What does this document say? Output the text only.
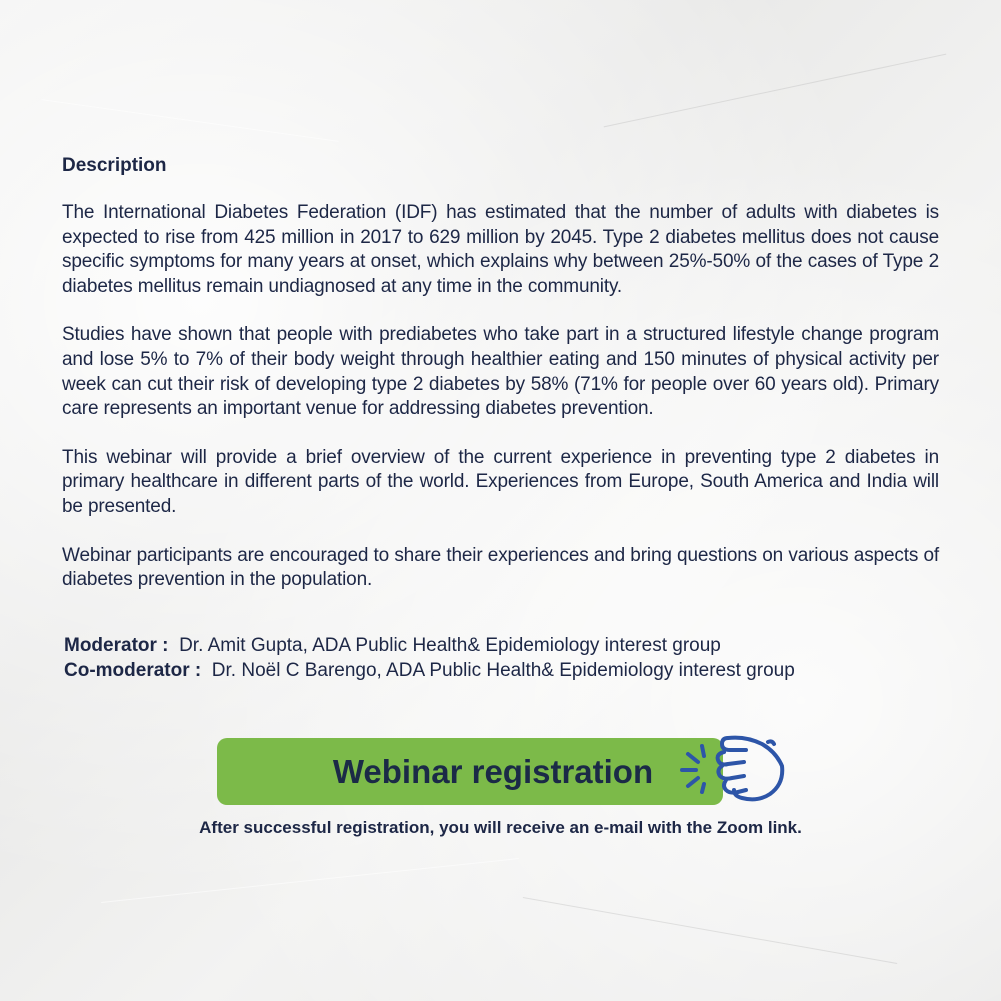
Description

The International Diabetes Federation (IDF) has estimated that the number of adults with diabetes is expected to rise from 425 million in 2017 to 629 million by 2045. Type 2 diabetes mellitus does not cause specific symptoms for many years at onset, which explains why between 25%-50% of the cases of Type 2 diabetes mellitus remain undiagnosed at any time in the community.

Studies have shown that people with prediabetes who take part in a structured lifestyle change program and lose 5% to 7% of their body weight through healthier eating and 150 minutes of physical activity per week can cut their risk of developing type 2 diabetes by 58% (71% for people over 60 years old). Primary care represents an important venue for addressing diabetes prevention.

This webinar will provide a brief overview of the current experience in preventing type 2 diabetes in primary healthcare in different parts of the world. Experiences from Europe, South America and India will be presented.

Webinar participants are encouraged to share their experiences and bring questions on various aspects of diabetes prevention in the population.

Moderator : Dr. Amit Gupta, ADA Public Health& Epidemiology interest group
Co-moderator : Dr. Noël C Barengo, ADA Public Health& Epidemiology interest group
Webinar registration
After successful registration, you will receive an e-mail with the Zoom link.
